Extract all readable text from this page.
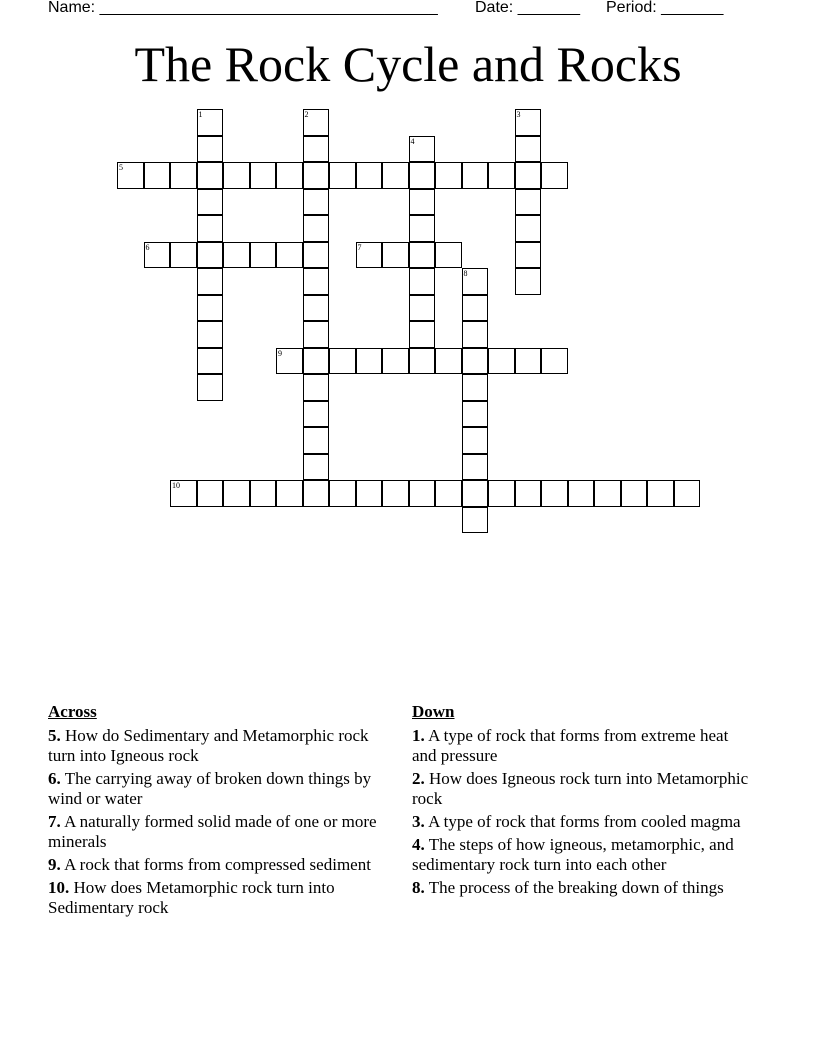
Name: ______________________________________ Date: _______ Period: _______
The Rock Cycle and Rocks
1	2	3
4
5
6	7
8
9
10
Across
5. How do Sedimentary and Metamorphic rock turn into Igneous rock
6. The carrying away of broken down things by wind or water
7. A naturally formed solid made of one or more minerals
9. A rock that forms from compressed sediment
10. How does Metamorphic rock turn into Sedimentary rock
Down
1. A type of rock that forms from extreme heat and pressure
2. How does Igneous rock turn into Metamorphic rock
3. A type of rock that forms from cooled magma
4. The steps of how igneous, metamorphic, and sedimentary rock turn into each other
8. The process of the breaking down of things
